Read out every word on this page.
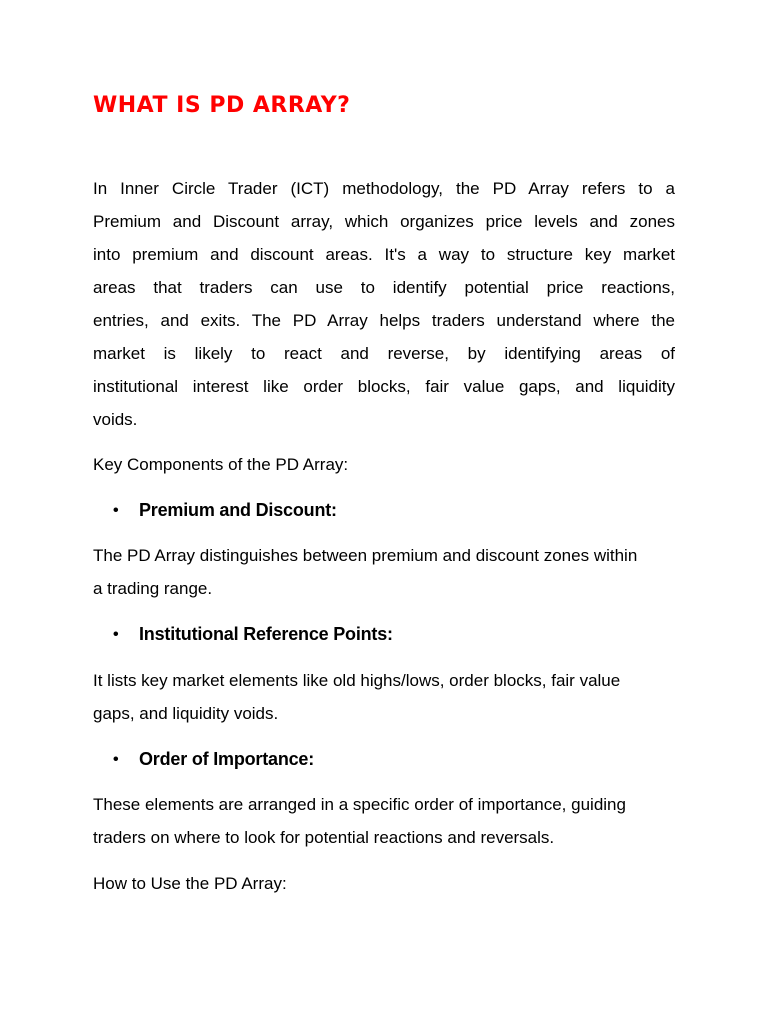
WHAT IS PD ARRAY?
In Inner Circle Trader (ICT) methodology, the PD Array refers to a
Premium and Discount array, which organizes price levels and zones
into premium and discount areas. It's a way to structure key market
areas that traders can use to identify potential price reactions,
entries, and exits. The PD Array helps traders understand where the
market is likely to react and reverse, by identifying areas of
institutional interest like order blocks, fair value gaps, and liquidity
voids.

Key Components of the PD Array:

•	Premium and Discount:
The PD Array distinguishes between premium and discount zones within
a trading range.
•	Institutional Reference Points:
It lists key market elements like old highs/lows, order blocks, fair value
gaps, and liquidity voids.
•	Order of Importance:
These elements are arranged in a specific order of importance, guiding
traders on where to look for potential reactions and reversals.

How to Use the PD Array:
